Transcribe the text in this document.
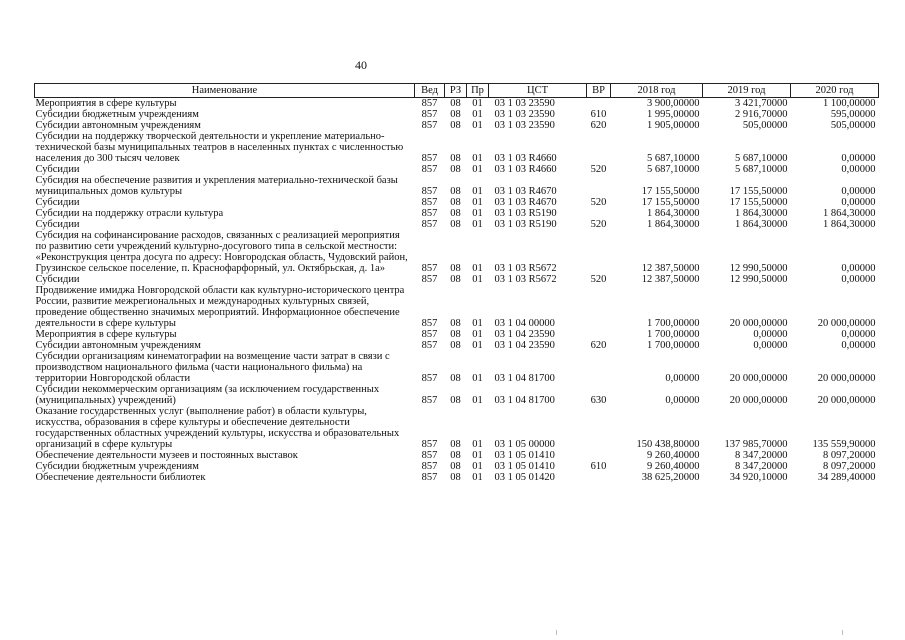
40
Наименование	Вед	РЗ	Пр	ЦСТ	ВР	2018 год	2019 год	2020 год
Мероприятия в сфере культуры	857	08	01	03 1 03 23590		3 900,00000	3 421,70000	1 100,00000
Субсидии бюджетным учреждениям	857	08	01	03 1 03 23590	610	1 995,00000	2 916,70000	595,00000
Субсидии автономным учреждениям	857	08	01	03 1 03 23590	620	1 905,00000	505,00000	505,00000
Субсидии на поддержку творческой деятельности и укрепление материально-технической базы муниципальных театров в населенных пунктах с численностью населения до 300 тысяч человек	857	08	01	03 1 03 R4660		5 687,10000	5 687,10000	0,00000
Субсидии	857	08	01	03 1 03 R4660	520	5 687,10000	5 687,10000	0,00000
Субсидия на обеспечение развития и укрепления материально-технической базы муниципальных домов культуры	857	08	01	03 1 03 R4670		17 155,50000	17 155,50000	0,00000
Субсидии	857	08	01	03 1 03 R4670	520	17 155,50000	17 155,50000	0,00000
Субсидии на поддержку отрасли культура	857	08	01	03 1 03 R5190		1 864,30000	1 864,30000	1 864,30000
Субсидии	857	08	01	03 1 03 R5190	520	1 864,30000	1 864,30000	1 864,30000
Субсидия на софинансирование расходов, связанных с реализацией мероприятия по развитию сети учреждений культурно-досугового типа в сельской местности: «Реконструкция центра досуга по адресу: Новгородская область, Чудовский район, Грузинское сельское поселение, п. Краснофарфорный, ул. Октябрьская, д. 1а»	857	08	01	03 1 03 R5672		12 387,50000	12 990,50000	0,00000
Субсидии	857	08	01	03 1 03 R5672	520	12 387,50000	12 990,50000	0,00000
Продвижение имиджа Новгородской области как культурно-исторического центра России, развитие межрегиональных и международных культурных связей, проведение общественно значимых мероприятий. Информационное обеспечение деятельности в сфере культуры	857	08	01	03 1 04 00000		1 700,00000	20 000,00000	20 000,00000
Мероприятия в сфере культуры	857	08	01	03 1 04 23590		1 700,00000	0,00000	0,00000
Субсидии автономным учреждениям	857	08	01	03 1 04 23590	620	1 700,00000	0,00000	0,00000
Субсидии организациям кинематографии на возмещение части затрат в связи с производством национального фильма (части национального фильма) на территории Новгородской области	857	08	01	03 1 04 81700		0,00000	20 000,00000	20 000,00000
Субсидии некоммерческим организациям (за исключением государственных (муниципальных) учреждений)	857	08	01	03 1 04 81700	630	0,00000	20 000,00000	20 000,00000
Оказание государственных услуг (выполнение работ) в области культуры, искусства, образования в сфере культуры и обеспечение деятельности государственных областных учреждений культуры, искусства и образовательных организаций в сфере культуры	857	08	01	03 1 05 00000		150 438,80000	137 985,70000	135 559,90000
Обеспечение деятельности музеев и постоянных выставок	857	08	01	03 1 05 01410		9 260,40000	8 347,20000	8 097,20000
Субсидии бюджетным учреждениям	857	08	01	03 1 05 01410	610	9 260,40000	8 347,20000	8 097,20000
Обеспечение деятельности библиотек	857	08	01	03 1 05 01420		38 625,20000	34 920,10000	34 289,40000
